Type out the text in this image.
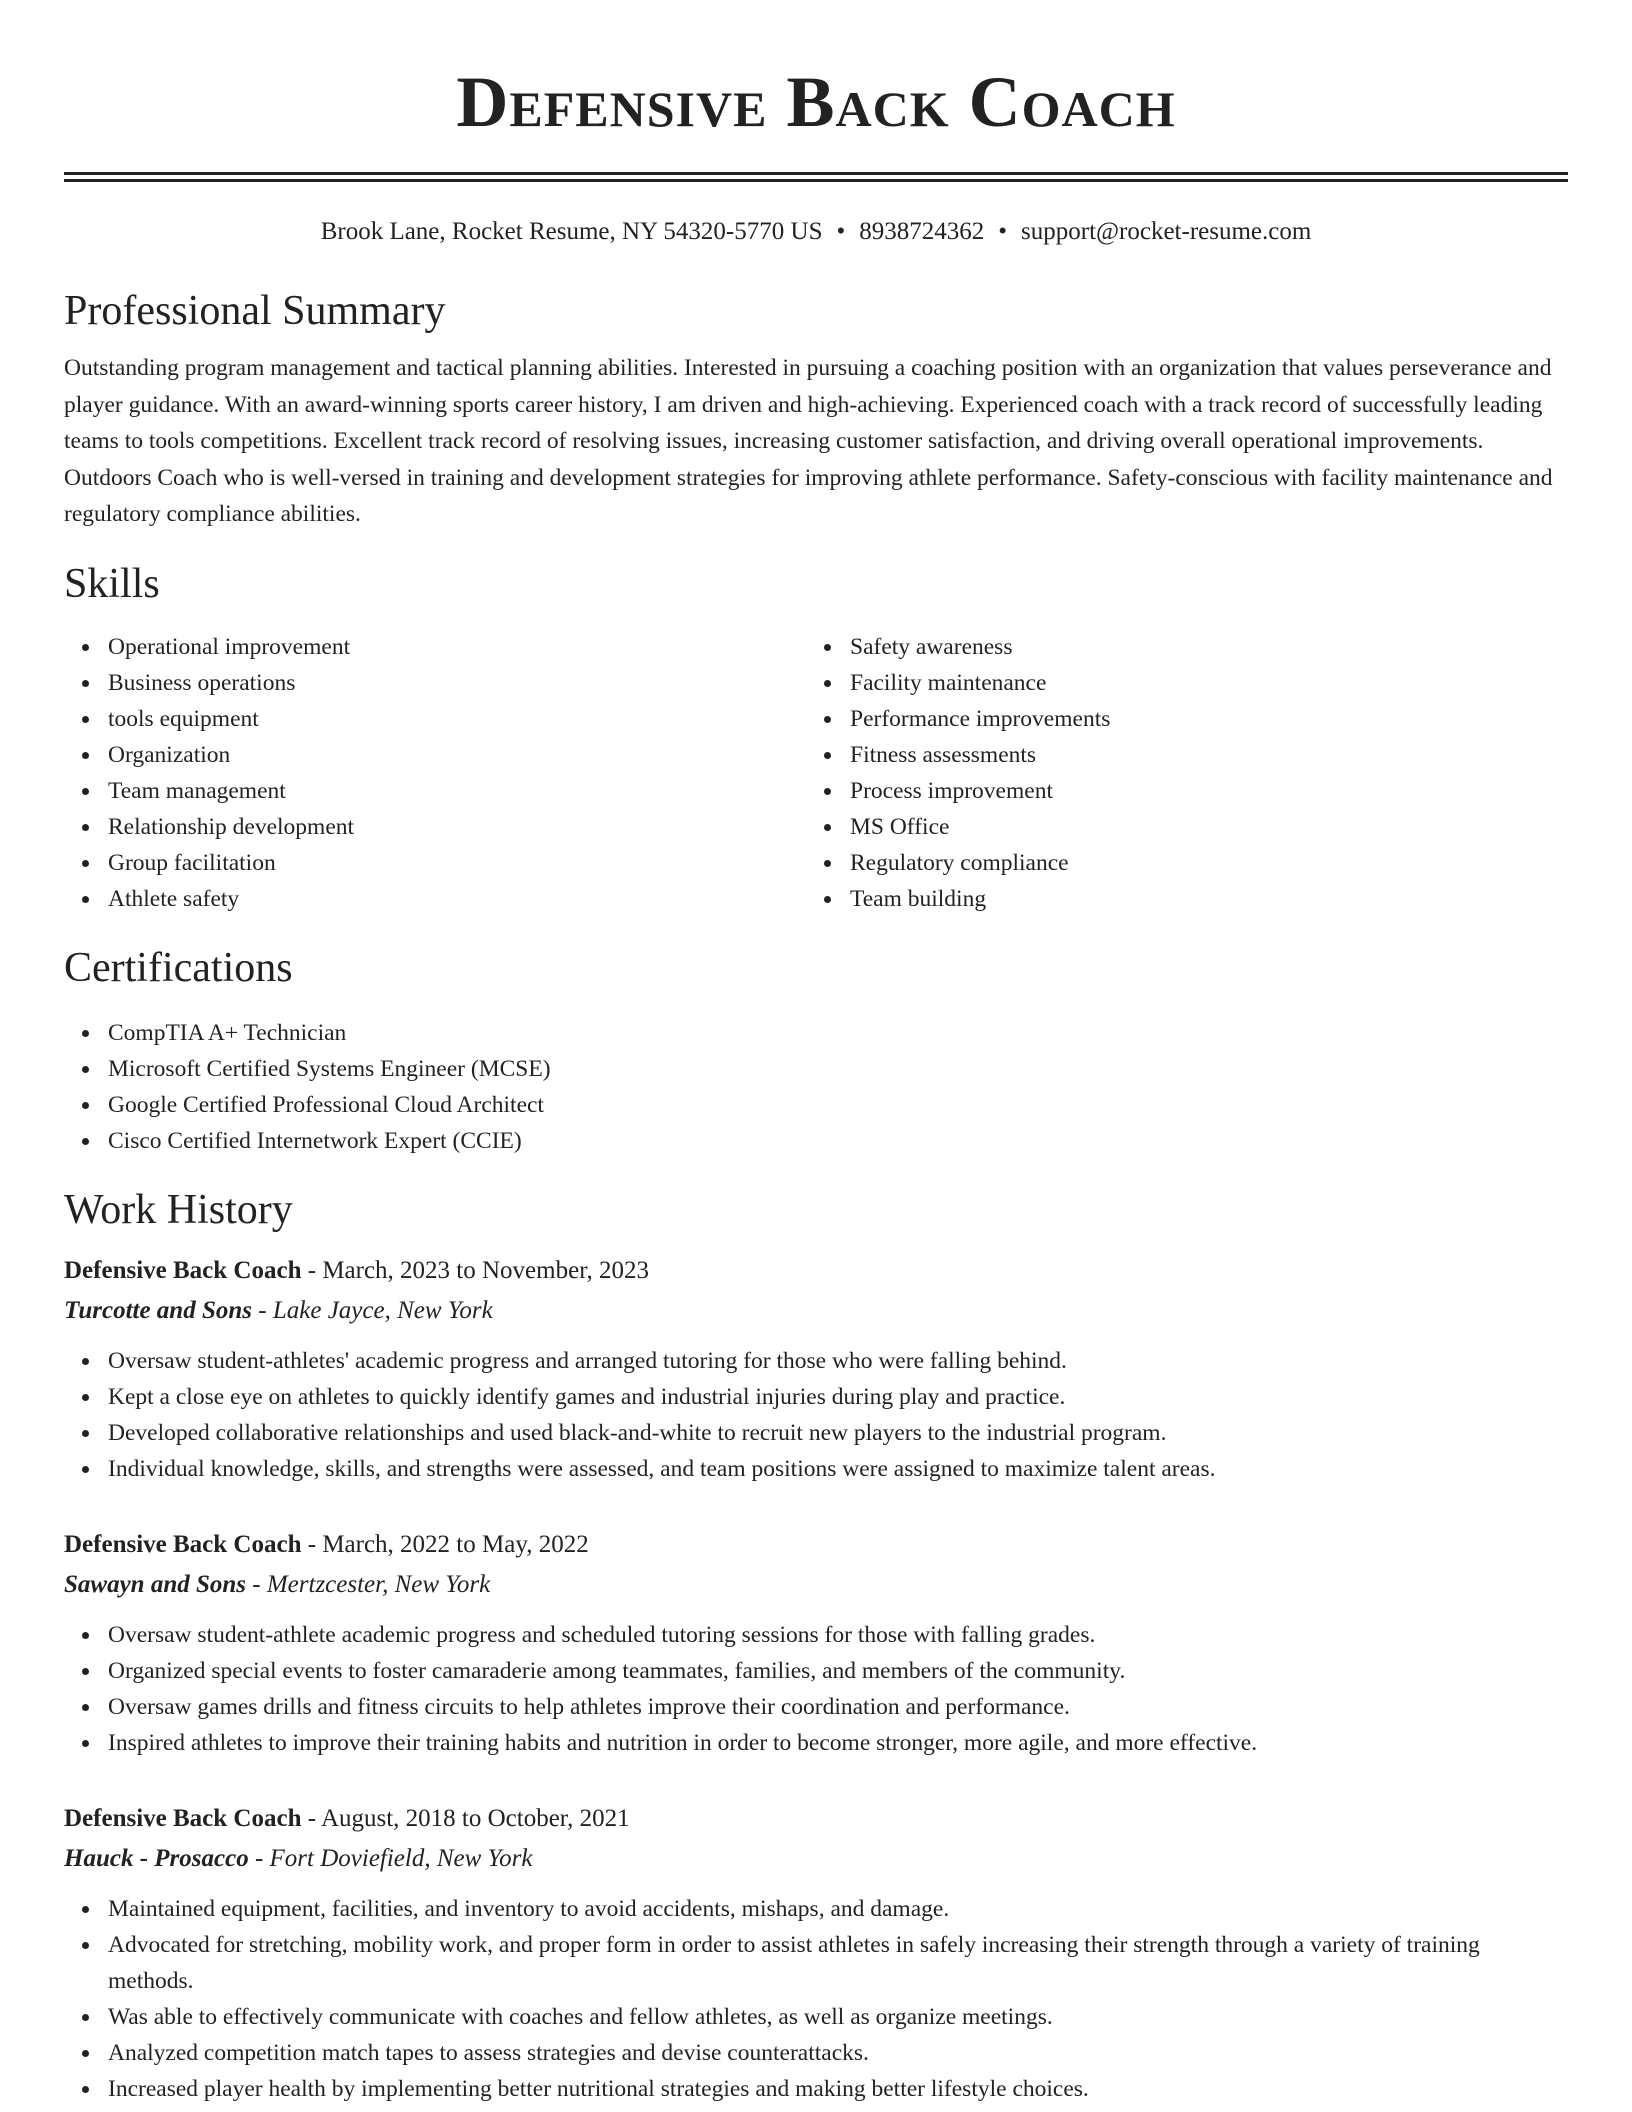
Defensive Back Coach
Brook Lane, Rocket Resume, NY 54320-5770 US • 8938724362 • support@rocket-resume.com
Professional Summary

Outstanding program management and tactical planning abilities. Interested in pursuing a coaching position with an organization that values perseverance and player guidance. With an award-winning sports career history, I am driven and high-achieving. Experienced coach with a track record of successfully leading teams to tools competitions. Excellent track record of resolving issues, increasing customer satisfaction, and driving overall operational improvements. Outdoors Coach who is well-versed in training and development strategies for improving athlete performance. Safety-conscious with facility maintenance and regulatory compliance abilities.

Skills
Operational improvement
Business operations
tools equipment
Organization
Team management
Relationship development
Group facilitation
Athlete safety
Safety awareness
Facility maintenance
Performance improvements
Fitness assessments
Process improvement
MS Office
Regulatory compliance
Team building
Certifications
CompTIA A+ Technician
Microsoft Certified Systems Engineer (MCSE)
Google Certified Professional Cloud Architect
Cisco Certified Internetwork Expert (CCIE)
Work History
Defensive Back Coach - March, 2023 to November, 2023
Turcotte and Sons - Lake Jayce, New York
Oversaw student-athletes' academic progress and arranged tutoring for those who were falling behind.
Kept a close eye on athletes to quickly identify games and industrial injuries during play and practice.
Developed collaborative relationships and used black-and-white to recruit new players to the industrial program.
Individual knowledge, skills, and strengths were assessed, and team positions were assigned to maximize talent areas.
Defensive Back Coach - March, 2022 to May, 2022
Sawayn and Sons - Mertzcester, New York
Oversaw student-athlete academic progress and scheduled tutoring sessions for those with falling grades.
Organized special events to foster camaraderie among teammates, families, and members of the community.
Oversaw games drills and fitness circuits to help athletes improve their coordination and performance.
Inspired athletes to improve their training habits and nutrition in order to become stronger, more agile, and more effective.
Defensive Back Coach - August, 2018 to October, 2021
Hauck - Prosacco - Fort Doviefield, New York
Maintained equipment, facilities, and inventory to avoid accidents, mishaps, and damage.
Advocated for stretching, mobility work, and proper form in order to assist athletes in safely increasing their strength through a variety of training methods.
Was able to effectively communicate with coaches and fellow athletes, as well as organize meetings.
Analyzed competition match tapes to assess strategies and devise counterattacks.
Increased player health by implementing better nutritional strategies and making better lifestyle choices.
